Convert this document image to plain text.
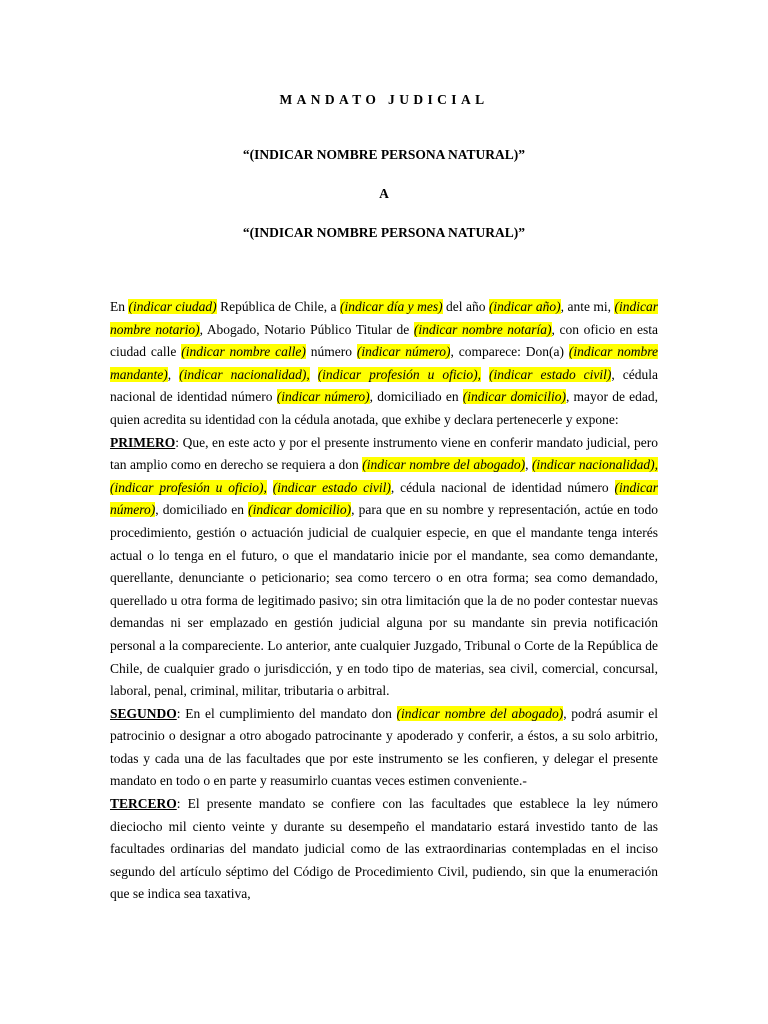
MANDATO JUDICIAL
“(INDICAR NOMBRE PERSONA NATURAL)”
A
“(INDICAR NOMBRE PERSONA NATURAL)”

En (indicar ciudad) República de Chile, a (indicar día y mes) del año (indicar año), ante mi, (indicar nombre notario), Abogado, Notario Público Titular de (indicar nombre notaría), con oficio en esta ciudad calle (indicar nombre calle) número (indicar número), comparece: Don(a) (indicar nombre mandante), (indicar nacionalidad), (indicar profesión u oficio), (indicar estado civil), cédula nacional de identidad número (indicar número), domiciliado en (indicar domicilio), mayor de edad, quien acredita su identidad con la cédula anotada, que exhibe y declara pertenecerle y expone:

PRIMERO: Que, en este acto y por el presente instrumento viene en conferir mandato judicial, pero tan amplio como en derecho se requiera a don (indicar nombre del abogado), (indicar nacionalidad), (indicar profesión u oficio), (indicar estado civil), cédula nacional de identidad número (indicar número), domiciliado en (indicar domicilio), para que en su nombre y representación, actúe en todo procedimiento, gestión o actuación judicial de cualquier especie, en que el mandante tenga interés actual o lo tenga en el futuro, o que el mandatario inicie por el mandante, sea como demandante, querellante, denunciante o peticionario; sea como tercero o en otra forma; sea como demandado, querellado u otra forma de legitimado pasivo; sin otra limitación que la de no poder contestar nuevas demandas ni ser emplazado en gestión judicial alguna por su mandante sin previa notificación personal a la compareciente. Lo anterior, ante cualquier Juzgado, Tribunal o Corte de la República de Chile, de cualquier grado o jurisdicción, y en todo tipo de materias, sea civil, comercial, concursal, laboral, penal, criminal, militar, tributaria o arbitral.

SEGUNDO: En el cumplimiento del mandato don (indicar nombre del abogado), podrá asumir el patrocinio o designar a otro abogado patrocinante y apoderado y conferir, a éstos, a su solo arbitrio, todas y cada una de las facultades que por este instrumento se les confieren, y delegar el presente mandato en todo o en parte y reasumirlo cuantas veces estimen conveniente.-

TERCERO: El presente mandato se confiere con las facultades que establece la ley número dieciocho mil ciento veinte y durante su desempeño el mandatario estará investido tanto de las facultades ordinarias del mandato judicial como de las extraordinarias contempladas en el inciso segundo del artículo séptimo del Código de Procedimiento Civil, pudiendo, sin que la enumeración que se indica sea taxativa,
